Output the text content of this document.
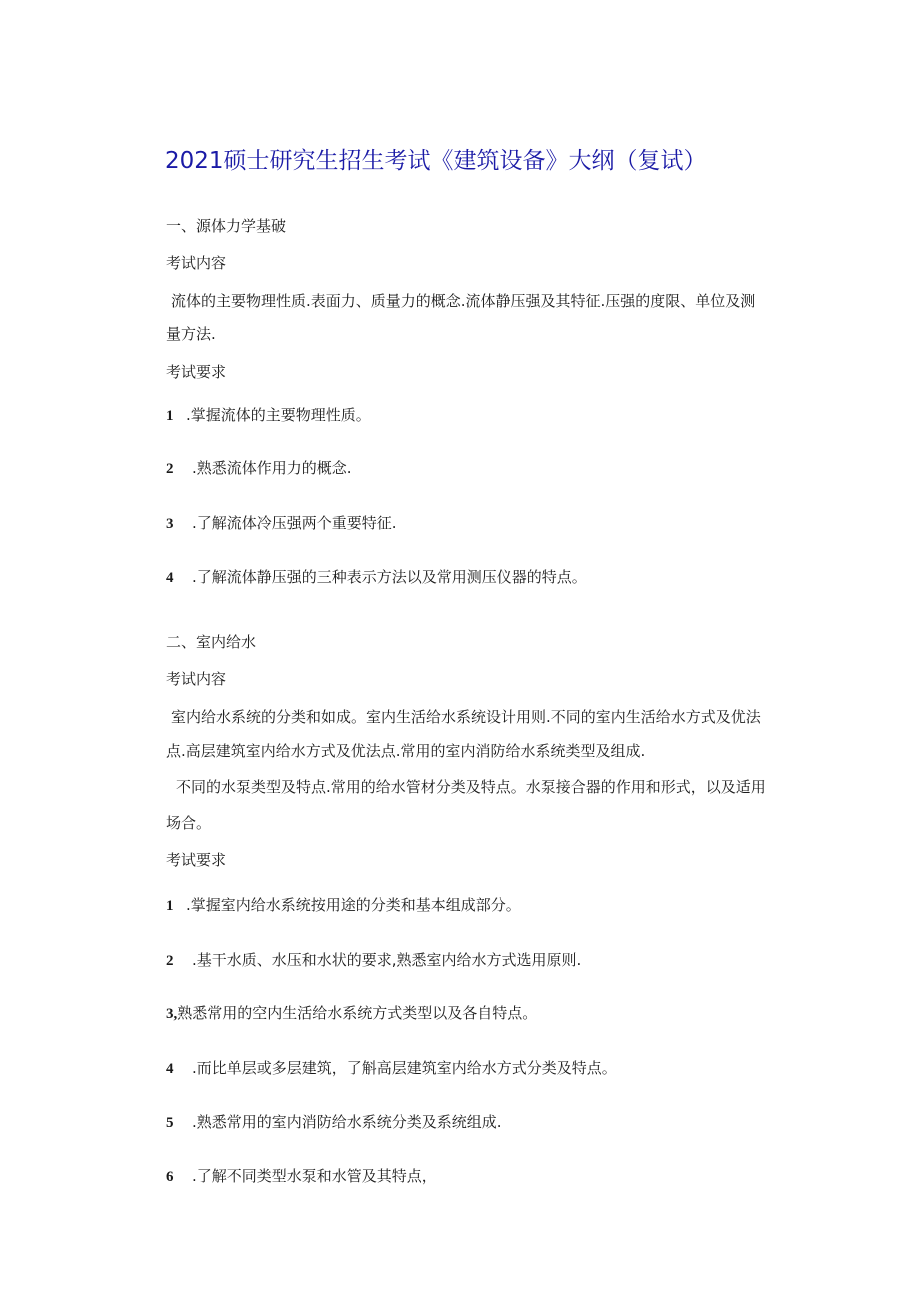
2021硕士研究生招生考试《建筑设备》大纲（复试）
一、源体力学基破
考试内容
流体的主要物理性质.表面力、质量力的概念.流体静压强及其特征.压强的度限、单位及测
量方法.
考试要求
1 .掌握流体的主要物理性质。
2 .熟悉流体作用力的概念.
3 .了解流体冷压强两个重要特征.
4 .了解流体静压强的三种表示方法以及常用测压仪器的特点。
二、室内给水
考试内容
室内给水系统的分类和如成。室内生活给水系统设计用则.不同的室内生活给水方式及优法
点.高层建筑室内给水方式及优法点.常用的室内消防给水系统类型及组成.
不同的水泵类型及特点.常用的给水管材分类及特点。水泵接合器的作用和形式，以及适用
场合。
考试要求
1 .掌握室内给水系统按用途的分类和基本组成部分。
2 .基干水质、水压和水状的要求,熟悉室内给水方式选用原则.
3,熟悉常用的空内生活给水系统方式类型以及各自特点。
4 .而比单层或多层建筑，了斛高层建筑室内给水方式分类及特点。
5 .熟悉常用的室内消防给水系统分类及系统组成.
6 .了解不同类型水泵和水管及其特点，
